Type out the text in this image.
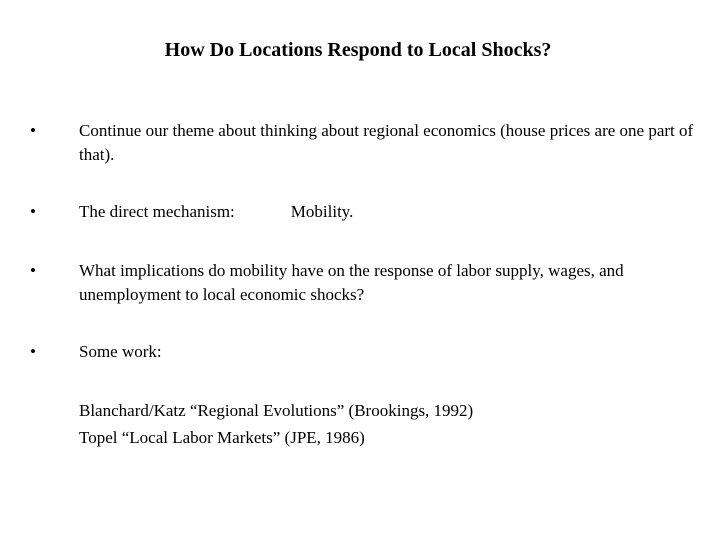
How Do Locations Respond to Local Shocks?
•	Continue our theme about thinking about regional economics (house prices are one part of that).
•	The direct mechanism:	Mobility.
•	What implications do mobility have on the response of labor supply, wages, and unemployment to local economic shocks?
•	Some work:
Blanchard/Katz “Regional Evolutions” (Brookings, 1992)
Topel “Local Labor Markets” (JPE, 1986)
